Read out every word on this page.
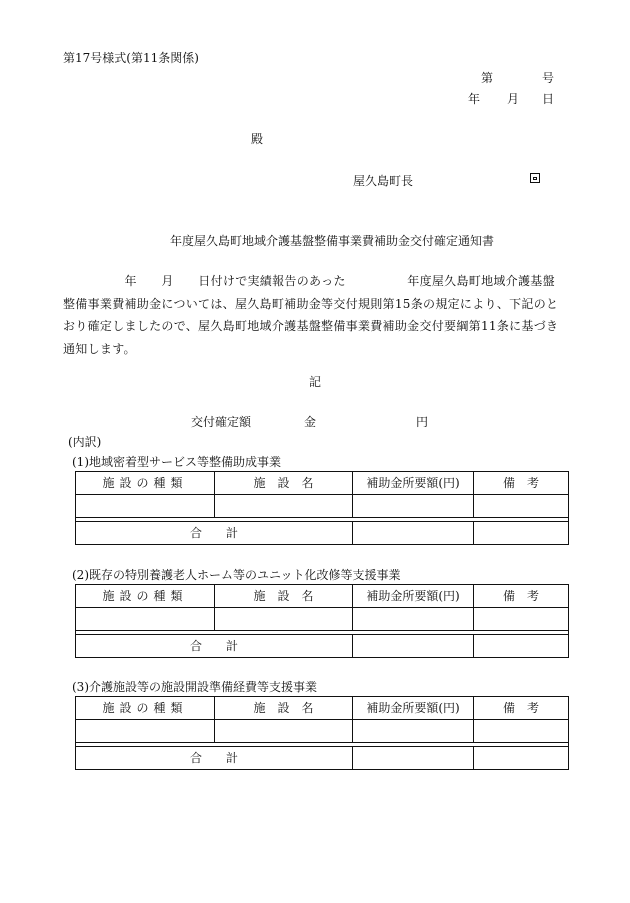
第17号様式(第11条関係)
第	号
年 月 日
殿
屋久島町長
年度屋久島町地域介護基盤整備事業費補助金交付確定通知書
　　　　　年　　月　　日付けで実績報告のあった　　　　　年度屋久島町地域介護基盤
整備事業費補助金については、屋久島町補助金等交付規則第15条の規定により、下記のと
おり確定しましたので、屋久島町地域介護基盤整備事業費補助金交付要綱第11条に基づき
通知します。
記
交付確定額	金	円
(内訳)
(1)地域密着型サービス等整備助成事業
施設の種類	施　設　名	補助金所要額(円)	備　考

合　　計			
(2)既存の特別養護老人ホーム等のユニット化改修等支援事業
施設の種類	施　設　名	補助金所要額(円)	備　考

合　　計			
(3)介護施設等の施設開設準備経費等支援事業
施設の種類	施　設　名	補助金所要額(円)	備　考

合　　計			
